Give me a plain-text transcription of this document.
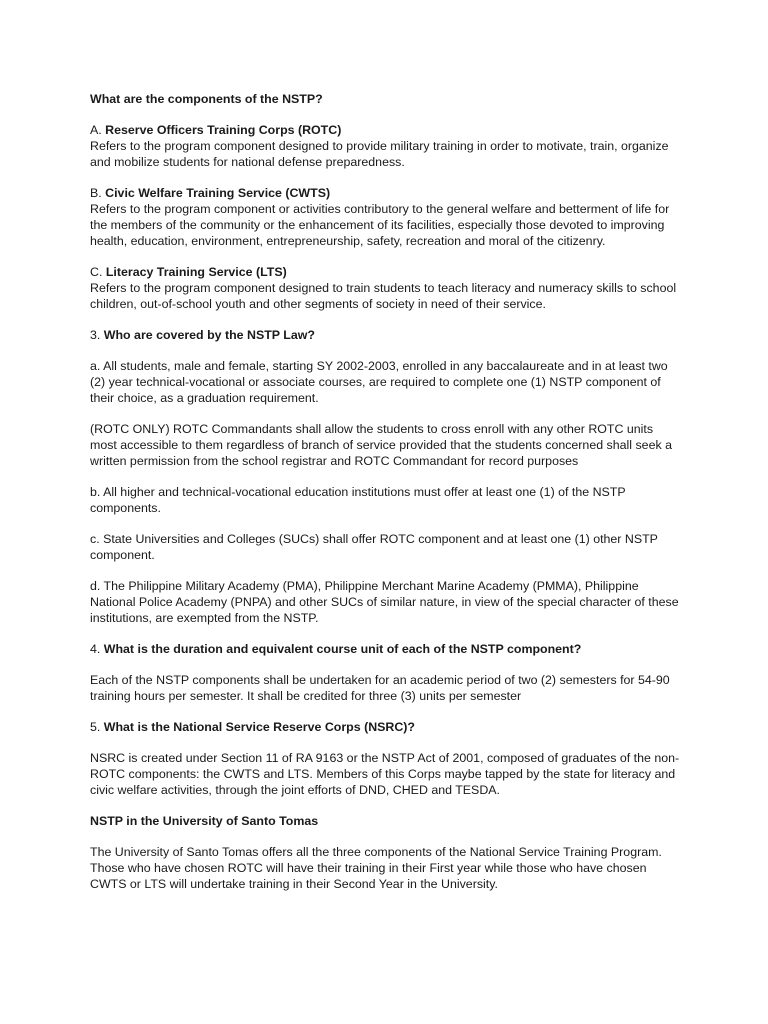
What are the components of the NSTP?

A. Reserve Officers Training Corps (ROTC)

Refers to the program component designed to provide military training in order to motivate, train, organize and mobilize students for national defense preparedness.

B. Civic Welfare Training Service (CWTS)

Refers to the program component or activities contributory to the general welfare and betterment of life for the members of the community or the enhancement of its facilities, especially those devoted to improving health, education, environment, entrepreneurship, safety, recreation and moral of the citizenry.

C. Literacy Training Service (LTS)

Refers to the program component designed to train students to teach literacy and numeracy skills to school children, out-of-school youth and other segments of society in need of their service.

3. Who are covered by the NSTP Law?

a. All students, male and female, starting SY 2002-2003, enrolled in any baccalaureate and in at least two (2) year technical-vocational or associate courses, are required to complete one (1) NSTP component of their choice, as a graduation requirement.

(ROTC ONLY) ROTC Commandants shall allow the students to cross enroll with any other ROTC units most accessible to them regardless of branch of service provided that the students concerned shall seek a written permission from the school registrar and ROTC Commandant for record purposes

b. All higher and technical-vocational education institutions must offer at least one (1) of the NSTP components.

c. State Universities and Colleges (SUCs) shall offer ROTC component and at least one (1) other NSTP component.

d. The Philippine Military Academy (PMA), Philippine Merchant Marine Academy (PMMA), Philippine National Police Academy (PNPA) and other SUCs of similar nature, in view of the special character of these institutions, are exempted from the NSTP.

4. What is the duration and equivalent course unit of each of the NSTP component?

Each of the NSTP components shall be undertaken for an academic period of two (2) semesters for 54-90 training hours per semester. It shall be credited for three (3) units per semester

5. What is the National Service Reserve Corps (NSRC)?

NSRC is created under Section 11 of RA 9163 or the NSTP Act of 2001, composed of graduates of the non-ROTC components: the CWTS and LTS. Members of this Corps maybe tapped by the state for literacy and civic welfare activities, through the joint efforts of DND, CHED and TESDA.

NSTP in the University of Santo Tomas

The University of Santo Tomas offers all the three components of the National Service Training Program. Those who have chosen ROTC will have their training in their First year while those who have chosen CWTS or LTS will undertake training in their Second Year in the University.
